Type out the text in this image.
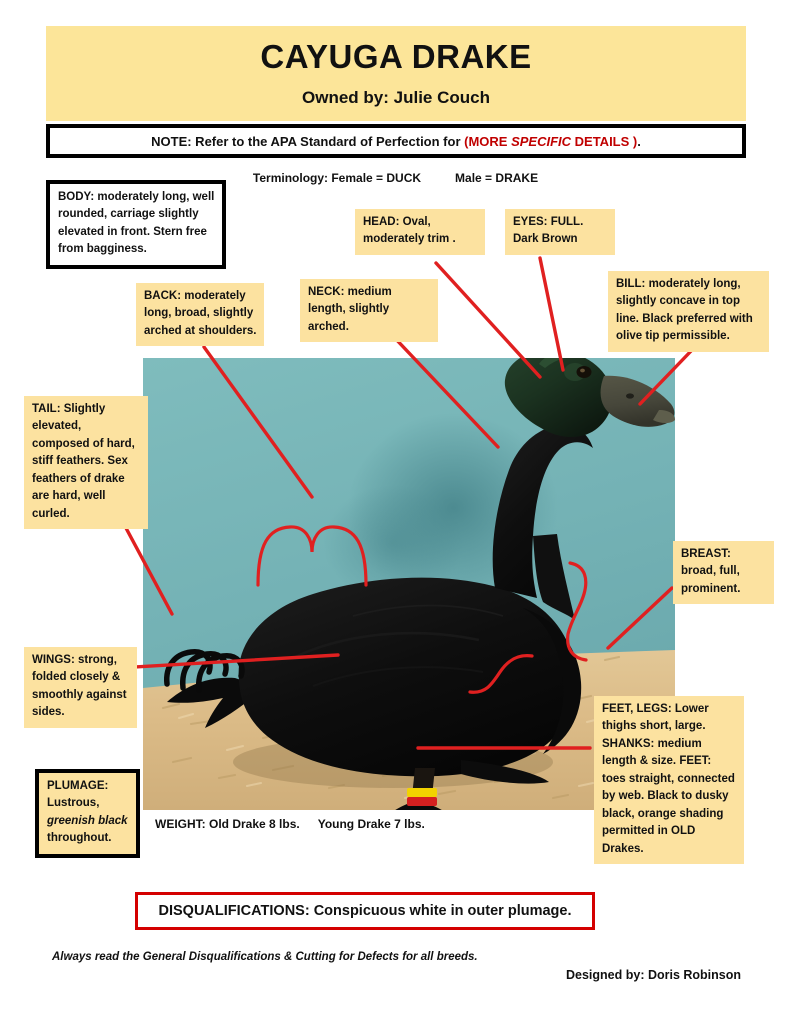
CAYUGA DRAKE

Owned by: Julie Couch

NOTE: Refer to the APA Standard of Perfection for (MORE SPECIFIC DETAILS ).
Terminology: Female = DUCK	Male = DRAKE
BODY: moderately long, well rounded, carriage slightly elevated in front. Stern free from bagginess.
HEAD: Oval, moderately trim .
EYES: FULL. Dark Brown
BILL: moderately long, slightly concave in top line. Black preferred with olive tip permissible.
BACK: moderately long, broad, slightly arched at shoulders.
NECK: medium length, slightly arched.
TAIL: Slightly elevated, composed of hard, stiff feathers. Sex feathers of drake are hard, well curled.
BREAST: broad, full, prominent.
WINGS: strong, folded closely & smoothly against sides.	FEET, LEGS: Lower thighs short, large. SHANKS: medium length & size. FEET: toes straight, connected by web. Black to dusky black, orange shading permitted in OLD Drakes.
PLUMAGE: Lustrous, greenish black throughout.
WEIGHT: Old Drake 8 lbs. Young Drake 7 lbs.
DISQUALIFICATIONS: Conspicuous white in outer plumage.
Always read the General Disqualifications & Cutting for Defects for all breeds.
Designed by: Doris Robinson
